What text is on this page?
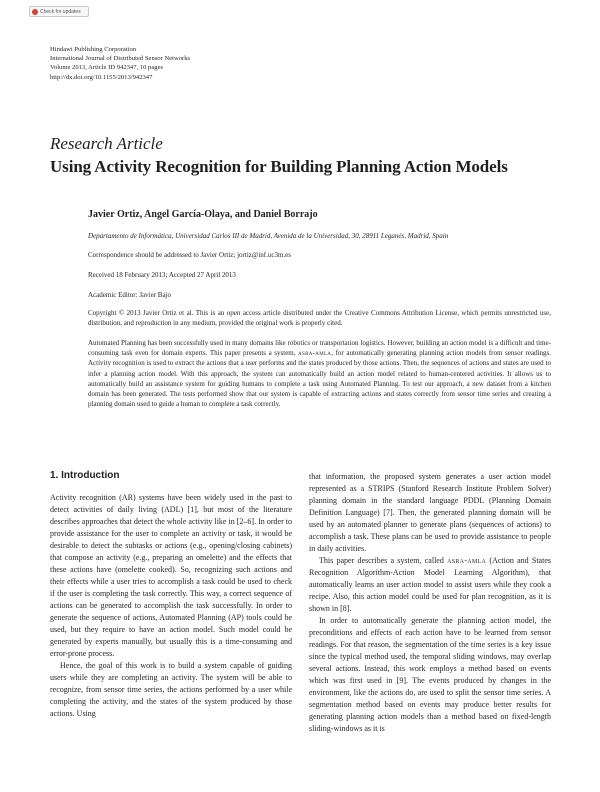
Check for updates
Hindawi Publishing Corporation
International Journal of Distributed Sensor Networks
Volume 2013, Article ID 942347, 10 pages
http://dx.doi.org/10.1155/2013/942347
Research Article
Using Activity Recognition for Building Planning Action Models
Javier Ortiz, Angel García-Olaya, and Daniel Borrajo
Departamento de Informática, Universidad Carlos III de Madrid, Avenida de la Universidad, 30, 28911 Leganés, Madrid, Spain
Correspondence should be addressed to Javier Ortiz; jortiz@inf.uc3m.es
Received 18 February 2013; Accepted 27 April 2013
Academic Editor: Javier Bajo
Copyright © 2013 Javier Ortiz et al. This is an open access article distributed under the Creative Commons Attribution License, which permits unrestricted use, distribution, and reproduction in any medium, provided the original work is properly cited.
Automated Planning has been successfully used in many domains like robotics or transportation logistics. However, building an action model is a difficult and time-consuming task even for domain experts. This paper presents a system, asra-amla, for automatically generating planning action models from sensor readings. Activity recognition is used to extract the actions that a user performs and the states produced by those actions. Then, the sequences of actions and states are used to infer a planning action model. With this approach, the system can automatically build an action model related to human-centered activities. It allows us to automatically build an assistance system for guiding humans to complete a task using Automated Planning. To test our approach, a new dataset from a kitchen domain has been generated. The tests performed show that our system is capable of extracting actions and states correctly from sensor time series and creating a planning domain used to guide a human to complete a task correctly.
1. Introduction

Activity recognition (AR) systems have been widely used in the past to detect activities of daily living (ADL) [1], but most of the literature describes approaches that detect the whole activity like in [2–6]. In order to provide assistance for the user to complete an activity or task, it would be desirable to detect the subtasks or actions (e.g., opening/closing cabinets) that compose an activity (e.g., preparing an omelette) and the effects that these actions have (omelette cooked). So, recognizing such actions and their effects while a user tries to accomplish a task could be used to check if the user is completing the task correctly. This way, a correct sequence of actions can be generated to accomplish the task successfully. In order to generate the sequence of actions, Automated Planning (AP) tools could be used, but they require to have an action model. Such model could be generated by experts manually, but usually this is a time-consuming and error-prone process.

Hence, the goal of this work is to build a system capable of guiding users while they are completing an activity. The system will be able to recognize, from sensor time series, the actions performed by a user while completing the activity, and the states of the system produced by those actions. Using

that information, the proposed system generates a user action model represented as a STRIPS (Stanford Research Institute Problem Solver) planning domain in the standard language PDDL (Planning Domain Definition Language) [7]. Then, the generated planning domain will be used by an automated planner to generate plans (sequences of actions) to accomplish a task. These plans can be used to provide assistance to people in daily activities.

This paper describes a system, called asra-amla (Action and States Recognition Algorithm-Action Model Learning Algorithm), that automatically learns an user action model to assist users while they cook a recipe. Also, this action model could be used for plan recognition, as it is shown in [8].

In order to automatically generate the planning action model, the preconditions and effects of each action have to be learned from sensor readings. For that reason, the segmentation of the time series is a key issue since the typical method used, the temporal sliding windows, may overlap several actions. Instead, this work employs a method based on events which was first used in [9]. The events produced by changes in the environment, like the actions do, are used to split the sensor time series. A segmentation method based on events may produce better results for generating planning action models than a method based on fixed-length sliding-windows as it is
